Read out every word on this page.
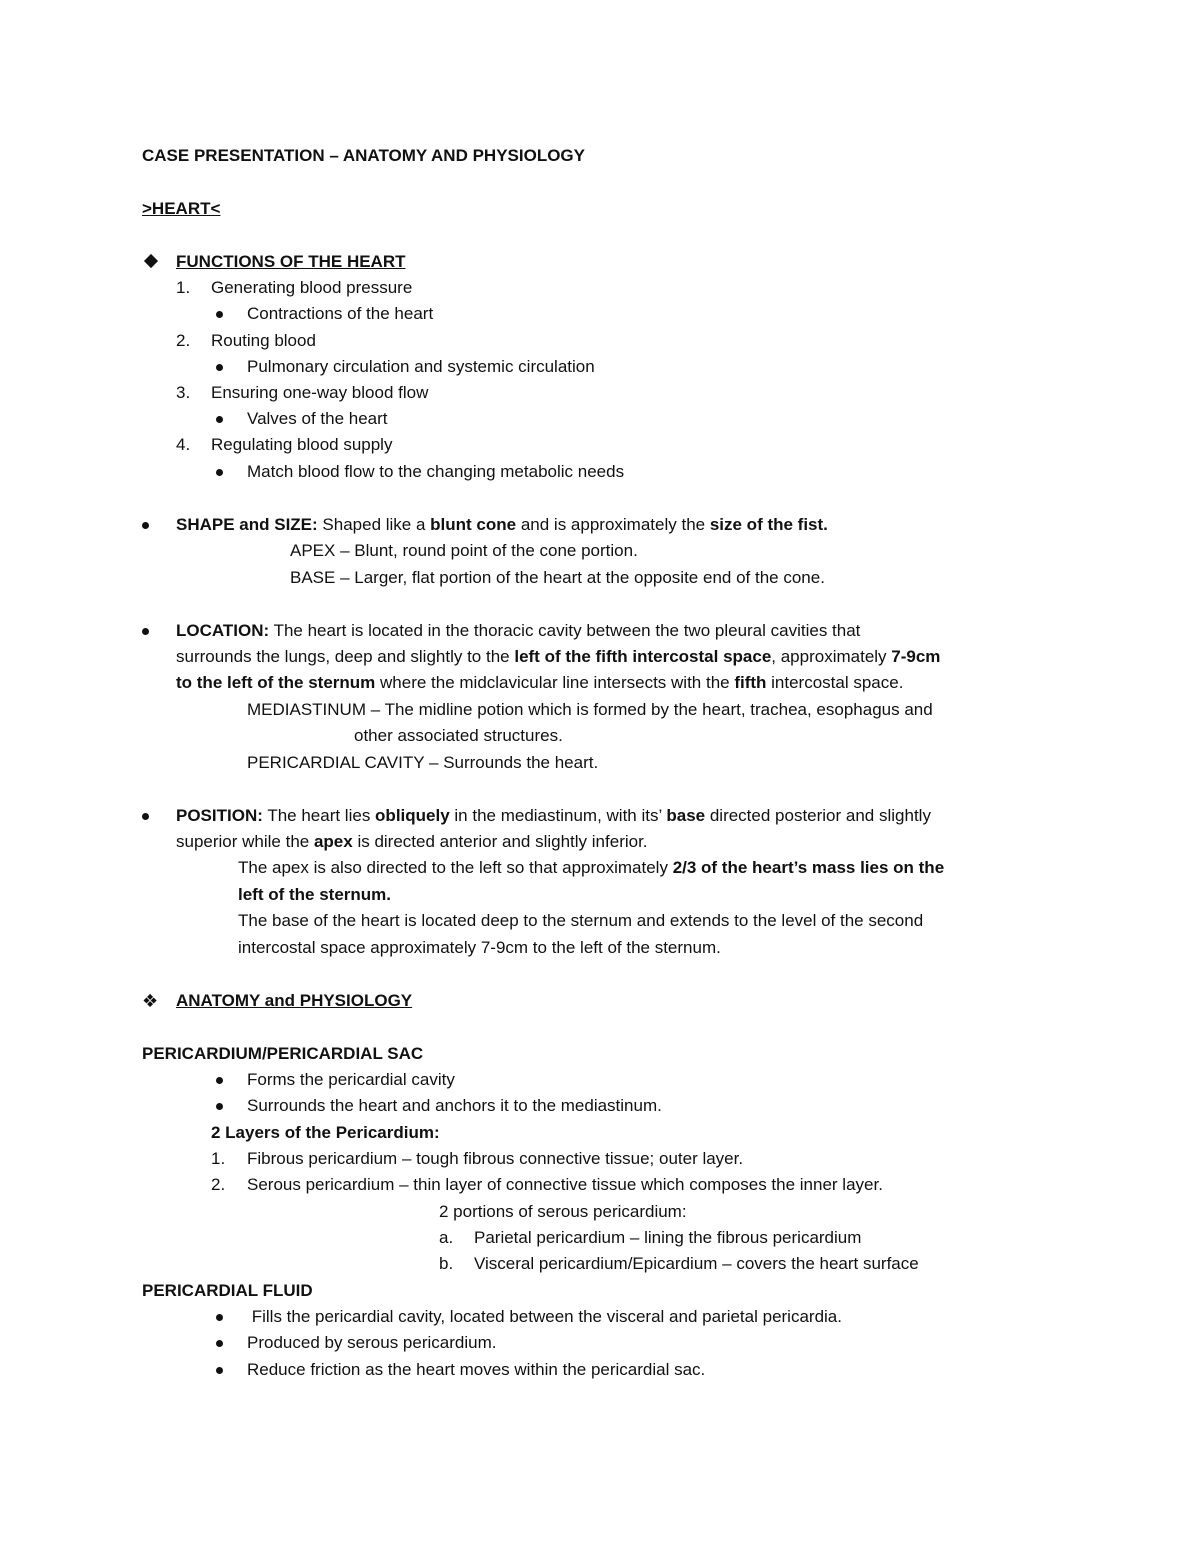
CASE PRESENTATION – ANATOMY AND PHYSIOLOGY
>HEART<
FUNCTIONS OF THE HEART
1. Generating blood pressure
Contractions of the heart
2. Routing blood
Pulmonary circulation and systemic circulation
3. Ensuring one-way blood flow
Valves of the heart
4. Regulating blood supply
Match blood flow to the changing metabolic needs
SHAPE and SIZE: Shaped like a blunt cone and is approximately the size of the fist.
APEX – Blunt, round point of the cone portion.
BASE – Larger, flat portion of the heart at the opposite end of the cone.
LOCATION: The heart is located in the thoracic cavity between the two pleural cavities that
surrounds the lungs, deep and slightly to the left of the fifth intercostal space, approximately 7-9cm
to the left of the sternum where the midclavicular line intersects with the fifth intercostal space.
MEDIASTINUM – The midline potion which is formed by the heart, trachea, esophagus and
other associated structures.
PERICARDIAL CAVITY – Surrounds the heart.
POSITION: The heart lies obliquely in the mediastinum, with its’ base directed posterior and slightly
superior while the apex is directed anterior and slightly inferior.
The apex is also directed to the left so that approximately 2/3 of the heart’s mass lies on the
left of the sternum.
The base of the heart is located deep to the sternum and extends to the level of the second
intercostal space approximately 7-9cm to the left of the sternum.
❖ ANATOMY and PHYSIOLOGY
PERICARDIUM/PERICARDIAL SAC
Forms the pericardial cavity
Surrounds the heart and anchors it to the mediastinum.
2 Layers of the Pericardium:
1. Fibrous pericardium – tough fibrous connective tissue; outer layer.
2. Serous pericardium – thin layer of connective tissue which composes the inner layer.
2 portions of serous pericardium:
a. Parietal pericardium – lining the fibrous pericardium
b. Visceral pericardium/Epicardium – covers the heart surface
PERICARDIAL FLUID
Fills the pericardial cavity, located between the visceral and parietal pericardia.
Produced by serous pericardium.
Reduce friction as the heart moves within the pericardial sac.
